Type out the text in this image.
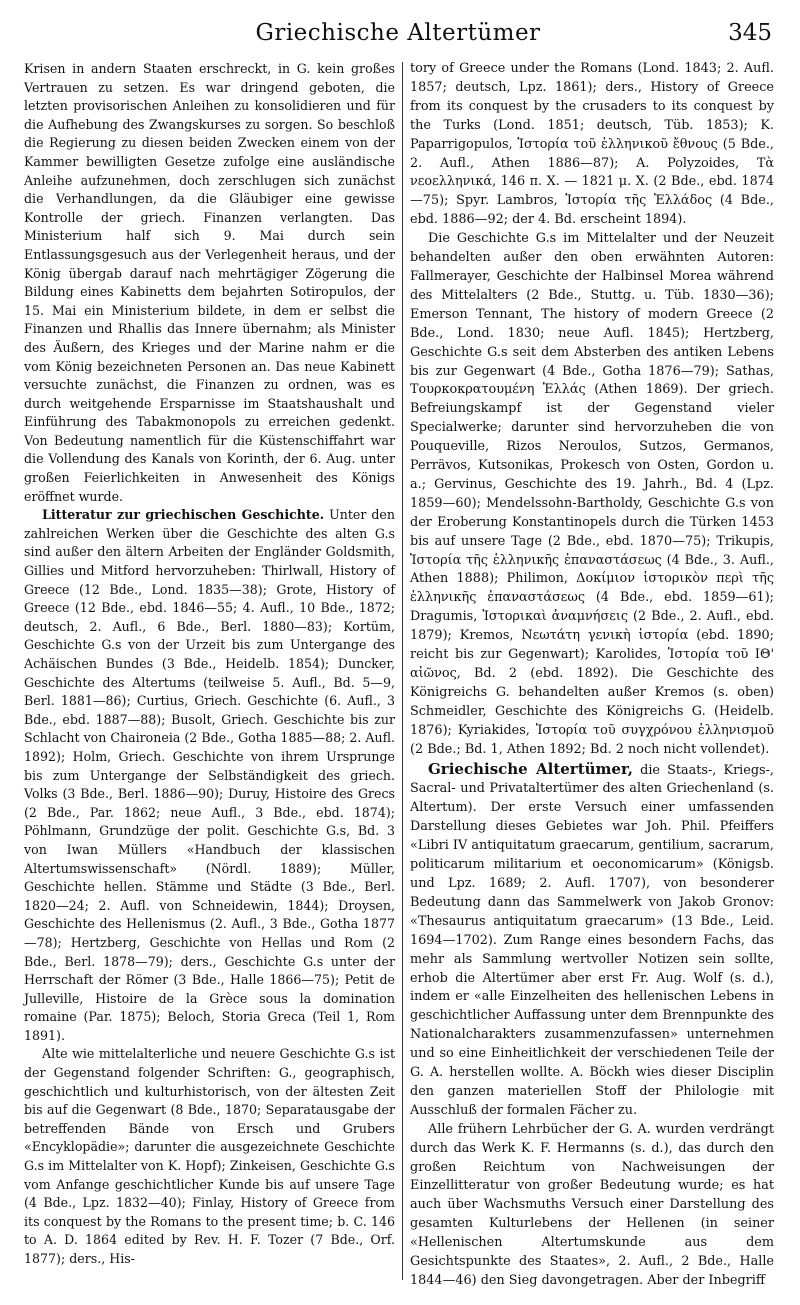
Griechische Altertümer	345

Krisen in andern Staaten erschreckt, in G. kein großes Vertrauen zu setzen. Es war dringend geboten, die letzten provisorischen Anleihen zu konsolidieren und für die Aufhebung des Zwangskurses zu sorgen. So beschloß die Regierung zu diesen beiden Zwecken einem von der Kammer bewilligten Gesetze zufolge eine ausländische Anleihe aufzunehmen, doch zerschlugen sich zunächst die Verhandlungen, da die Gläubiger eine gewisse Kontrolle der griech. Finanzen verlangten. Das Ministerium half sich 9. Mai durch sein Entlassungsgesuch aus der Verlegenheit heraus, und der König übergab darauf nach mehrtägiger Zögerung die Bildung eines Kabinetts dem bejahrten Sotiropulos, der 15. Mai ein Ministerium bildete, in dem er selbst die Finanzen und Rhallis das Innere übernahm; als Minister des Äußern, des Krieges und der Marine nahm er die vom König bezeichneten Personen an. Das neue Kabinett versuchte zunächst, die Finanzen zu ordnen, was es durch weitgehende Ersparnisse im Staatshaushalt und Einführung des Tabakmonopols zu erreichen gedenkt. Von Bedeutung namentlich für die Küstenschiffahrt war die Vollendung des Kanals von Korinth, der 6. Aug. unter großen Feierlichkeiten in Anwesenheit des Königs eröffnet wurde.

Litteratur zur griechischen Geschichte. Unter den zahlreichen Werken über die Geschichte des alten G.s sind außer den ältern Arbeiten der Engländer Goldsmith, Gillies und Mitford hervorzuheben: Thirlwall, History of Greece (12 Bde., Lond. 1835—38); Grote, History of Greece (12 Bde., ebd. 1846—55; 4. Aufl., 10 Bde., 1872; deutsch, 2. Aufl., 6 Bde., Berl. 1880—83); Kortüm, Geschichte G.s von der Urzeit bis zum Untergange des Achäischen Bundes (3 Bde., Heidelb. 1854); Duncker, Geschichte des Altertums (teilweise 5. Aufl., Bd. 5—9, Berl. 1881—86); Curtius, Griech. Geschichte (6. Aufl., 3 Bde., ebd. 1887—88); Busolt, Griech. Geschichte bis zur Schlacht von Chaironeia (2 Bde., Gotha 1885—88; 2. Aufl. 1892); Holm, Griech. Geschichte von ihrem Ursprunge bis zum Untergange der Selbständigkeit des griech. Volks (3 Bde., Berl. 1886—90); Duruy, Histoire des Grecs (2 Bde., Par. 1862; neue Aufl., 3 Bde., ebd. 1874); Pöhlmann, Grundzüge der polit. Geschichte G.s, Bd. 3 von Iwan Müllers «Handbuch der klassischen Altertumswissenschaft» (Nördl. 1889); Müller, Geschichte hellen. Stämme und Städte (3 Bde., Berl. 1820—24; 2. Aufl. von Schneidewin, 1844); Droysen, Geschichte des Hellenismus (2. Aufl., 3 Bde., Gotha 1877—78); Hertzberg, Geschichte von Hellas und Rom (2 Bde., Berl. 1878—79); ders., Geschichte G.s unter der Herrschaft der Römer (3 Bde., Halle 1866—75); Petit de Julleville, Histoire de la Grèce sous la domination romaine (Par. 1875); Beloch, Storia Greca (Teil 1, Rom 1891).

Alte wie mittelalterliche und neuere Geschichte G.s ist der Gegenstand folgender Schriften: G., geographisch, geschichtlich und kulturhistorisch, von der ältesten Zeit bis auf die Gegenwart (8 Bde., 1870; Separatausgabe der betreffenden Bände von Ersch und Grubers «Encyklopädie»; darunter die ausgezeichnete Geschichte G.s im Mittelalter von K. Hopf); Zinkeisen, Geschichte G.s vom Anfange geschichtlicher Kunde bis auf unsere Tage (4 Bde., Lpz. 1832—40); Finlay, History of Greece from its conquest by the Romans to the present time; b. C. 146 to A. D. 1864 edited by Rev. H. F. Tozer (7 Bde., Orf. 1877); ders., His-

tory of Greece under the Romans (Lond. 1843; 2. Aufl. 1857; deutsch, Lpz. 1861); ders., History of Greece from its conquest by the crusaders to its conquest by the Turks (Lond. 1851; deutsch, Tüb. 1853); K. Paparrigopulos, Ἱστορία τοῦ ἑλληνικοῦ ἔθνους (5 Bde., 2. Aufl., Athen 1886—87); A. Polyzoides, Τὰ νεοελληνικά, 146 π. X. — 1821 μ. X. (2 Bde., ebd. 1874—75); Spyr. Lambros, Ἱστορία τῆς Ἑλλάδος (4 Bde., ebd. 1886—92; der 4. Bd. erscheint 1894).

Die Geschichte G.s im Mittelalter und der Neuzeit behandelten außer den oben erwähnten Autoren: Fallmerayer, Geschichte der Halbinsel Morea während des Mittelalters (2 Bde., Stuttg. u. Tüb. 1830—36); Emerson Tennant, The history of modern Greece (2 Bde., Lond. 1830; neue Aufl. 1845); Hertzberg, Geschichte G.s seit dem Absterben des antiken Lebens bis zur Gegenwart (4 Bde., Gotha 1876—79); Sathas, Τουρκοκρατουμένη Ἑλλάς (Athen 1869). Der griech. Befreiungskampf ist der Gegenstand vieler Specialwerke; darunter sind hervorzuheben die von Pouqueville, Rizos Neroulos, Sutzos, Germanos, Perrävos, Kutsonikas, Prokesch von Osten, Gordon u. a.; Gervinus, Geschichte des 19. Jahrh., Bd. 4 (Lpz. 1859—60); Mendelssohn-Bartholdy, Geschichte G.s von der Eroberung Konstantinopels durch die Türken 1453 bis auf unsere Tage (2 Bde., ebd. 1870—75); Trikupis, Ἱστορία τῆς ἑλληνικῆς ἐπαναστάσεως (4 Bde., 3. Aufl., Athen 1888); Philimon, Δοκίμιον ἱστορικὸν περὶ τῆς ἑλληνικῆς ἐπαναστάσεως (4 Bde., ebd. 1859—61); Dragumis, Ἱστορικαὶ ἀναμνήσεις (2 Bde., 2. Aufl., ebd. 1879); Kremos, Νεωτάτη γενικὴ ἱστορία (ebd. 1890; reicht bis zur Gegenwart); Karolides, Ἱστορία τοῦ ΙΘ' αἰῶνος, Bd. 2 (ebd. 1892). Die Geschichte des Königreichs G. behandelten außer Kremos (s. oben) Schmeidler, Geschichte des Königreichs G. (Heidelb. 1876); Kyriakides, Ἱστορία τοῦ συγχρόνου ἑλληνισμοῦ (2 Bde.; Bd. 1, Athen 1892; Bd. 2 noch nicht vollendet).

Griechische Altertümer, die Staats-, Kriegs-, Sacral- und Privataltertümer des alten Griechenland (s. Altertum). Der erste Versuch einer umfassenden Darstellung dieses Gebietes war Joh. Phil. Pfeiffers «Libri IV antiquitatum graecarum, gentilium, sacrarum, politicarum militarium et oeconomicarum» (Königsb. und Lpz. 1689; 2. Aufl. 1707), von besonderer Bedeutung dann das Sammelwerk von Jakob Gronov: «Thesaurus antiquitatum graecarum» (13 Bde., Leid. 1694—1702). Zum Range eines besondern Fachs, das mehr als Sammlung wertvoller Notizen sein sollte, erhob die Altertümer aber erst Fr. Aug. Wolf (s. d.), indem er «alle Einzelheiten des hellenischen Lebens in geschichtlicher Auffassung unter dem Brennpunkte des Nationalcharakters zusammenzufassen» unternehmen und so eine Einheitlichkeit der verschiedenen Teile der G. A. herstellen wollte. A. Böckh wies dieser Disciplin den ganzen materiellen Stoff der Philologie mit Ausschluß der formalen Fächer zu.

Alle frühern Lehrbücher der G. A. wurden verdrängt durch das Werk K. F. Hermanns (s. d.), das durch den großen Reichtum von Nachweisungen der Einzellitteratur von großer Bedeutung wurde; es hat auch über Wachsmuths Versuch einer Darstellung des gesamten Kulturlebens der Hellenen (in seiner «Hellenischen Altertumskunde aus dem Gesichtspunkte des Staates», 2. Aufl., 2 Bde., Halle 1844—46) den Sieg davongetragen. Aber der Inbegriff
